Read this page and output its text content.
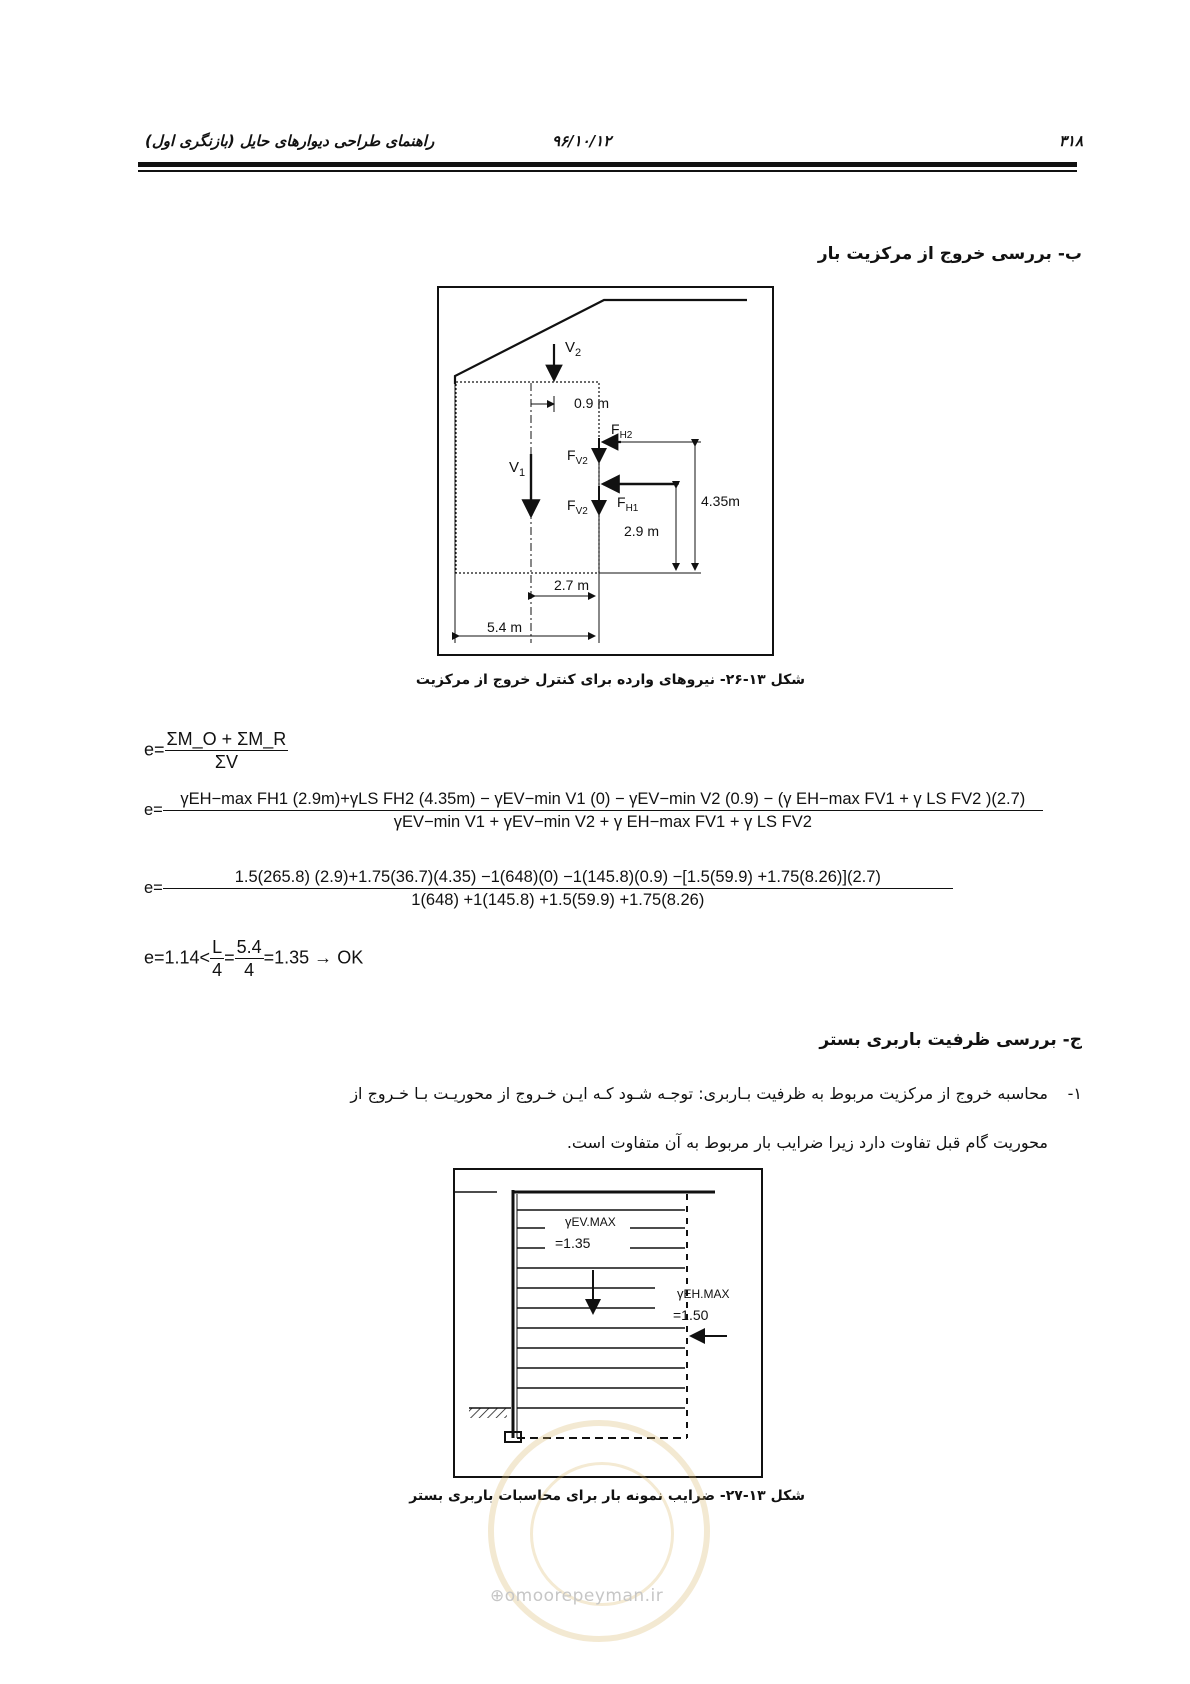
۳۱۸
۹۶/۱۰/۱۲
راهنمای طراحی دیوارهای حایل (بازنگری اول)
ب- بررسی خروج از مرکزیت بار
$V_2$
0.9 m
$F_{H2}$
$F_{V2}$
$V_1$
$F_{H1}$
$F_{V2}$
2.9 m
4.35m
2.7 m
5.4 m
شکل ۱۳-۲۶- نیروهای وارده برای کنترل خروج از مرکزیت
$e= \frac{\Sigma M\_O + \Sigma M\_R}{\Sigma V}$
e=
γEH−max FH1 (2.9m)+γLS FH2 (4.35m) − γEV−min V1 (0) − γEV−min V2 (0.9) − (γ EH−max FV1 + γ LS FV2 )(2.7)
γEV−min V1 + γEV−min V2 + γ EH−max FV1 + γ LS FV2
e=
1.5(265.8) (2.9)+1.75(36.7)(4.35) −1(648)(0) −1(145.8)(0.9) −[1.5(59.9) +1.75(8.26)](2.7)
1(648) +1(145.8) +1.5(59.9) +1.75(8.26)
$e=1.14< \frac{L}{4} = \frac{5.4}{4} =1.35$ → OK
ج- بررسی ظرفیت باربری بستر
۱-
محاسبه خروج از مرکزیت مربوط به ظرفیت بـاربری: توجـه شـود کـه ایـن خـروج از محوریـت بـا خـروج از
محوریت گام قبل تفاوت دارد زیرا ضرایب بار مربوط به آن متفاوت است.
γEV.MAX
=1.35
γEH.MAX
=1.50
شکل ۱۳-۲۷- ضرایب نمونه بار برای محاسبات باربری بستر
⊕omoorepeyman.ir
